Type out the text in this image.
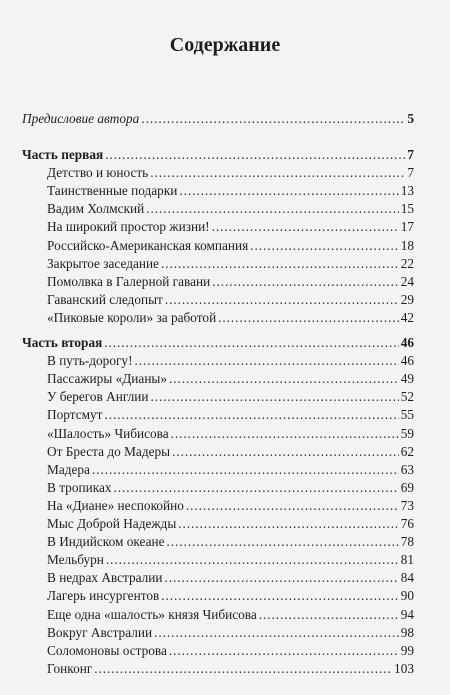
Содержание
Предисловие автора . . .	5
Часть первая . . .	7
Детство и юность . . .	7
Таинственные подарки . . .	13
Вадим Холмский . . .	15
На широкий простор жизни! . . .	17
Российско-Американская компания . . .	18
Закрытое заседание . . .	22
Помолвка в Галерной гавани . . .	24
Гаванский следопыт . . .	29
«Пиковые короли» за работой . . .	42
Часть вторая . . .	46
В путь-дорогу! . . .	46
Пассажиры «Дианы» . . .	49
У берегов Англии . . .	52
Портсмут . . .	55
«Шалость» Чибисова . . .	59
От Бреста до Мадеры . . .	62
Мадера . . .	63
В тропиках . . .	69
На «Диане» неспокойно . . .	73
Мыс Доброй Надежды . . .	76
В Индийском океане . . .	78
Мельбурн . . .	81
В недрах Австралии . . .	84
Лагерь инсургентов . . .	90
Еще одна «шалость» князя Чибисова . . .	94
Вокруг Австралии . . .	98
Соломоновы острова . . .	99
Гонконг . . .	103
